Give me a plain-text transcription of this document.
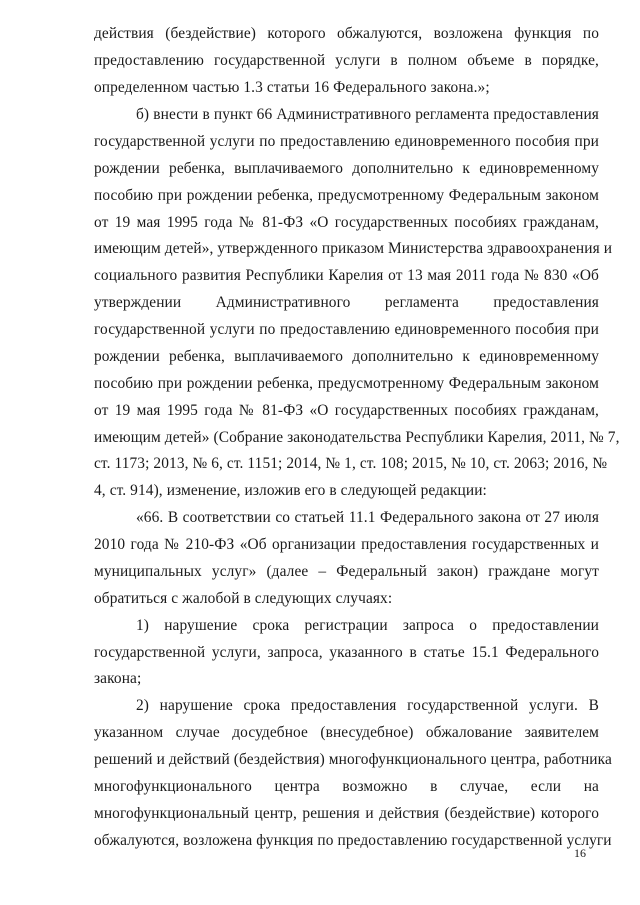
действия (бездействие) которого обжалуются, возложена функция по
предоставлению государственной услуги в полном объеме в порядке,
определенном частью 1.3 статьи 16 Федерального закона.»;
б) внести в пункт 66 Административного регламента предоставления
государственной услуги по предоставлению единовременного пособия при
рождении ребенка, выплачиваемого дополнительно к единовременному
пособию при рождении ребенка, предусмотренному Федеральным законом
от 19 мая 1995 года № 81-ФЗ «О государственных пособиях гражданам,
имеющим детей», утвержденного приказом Министерства здравоохранения и
социального развития Республики Карелия от 13 мая 2011 года № 830 «Об
утверждении Административного регламента предоставления
государственной услуги по предоставлению единовременного пособия при
рождении ребенка, выплачиваемого дополнительно к единовременному
пособию при рождении ребенка, предусмотренному Федеральным законом
от 19 мая 1995 года № 81-ФЗ «О государственных пособиях гражданам,
имеющим детей» (Собрание законодательства Республики Карелия, 2011, № 7,
ст. 1173; 2013, № 6, ст. 1151; 2014, № 1, ст. 108; 2015, № 10, ст. 2063; 2016, №
4, ст. 914), изменение, изложив его в следующей редакции:
«66. В соответствии со статьей 11.1 Федерального закона от 27 июля
2010 года № 210-ФЗ «Об организации предоставления государственных и
муниципальных услуг» (далее – Федеральный закон) граждане могут
обратиться с жалобой в следующих случаях:
1) нарушение срока регистрации запроса о предоставлении
государственной услуги, запроса, указанного в статье 15.1 Федерального
закона;
2) нарушение срока предоставления государственной услуги. В
указанном случае досудебное (внесудебное) обжалование заявителем
решений и действий (бездействия) многофункционального центра, работника
многофункционального центра возможно в случае, если на
многофункциональный центр, решения и действия (бездействие) которого
обжалуются, возложена функция по предоставлению государственной услуги
16
